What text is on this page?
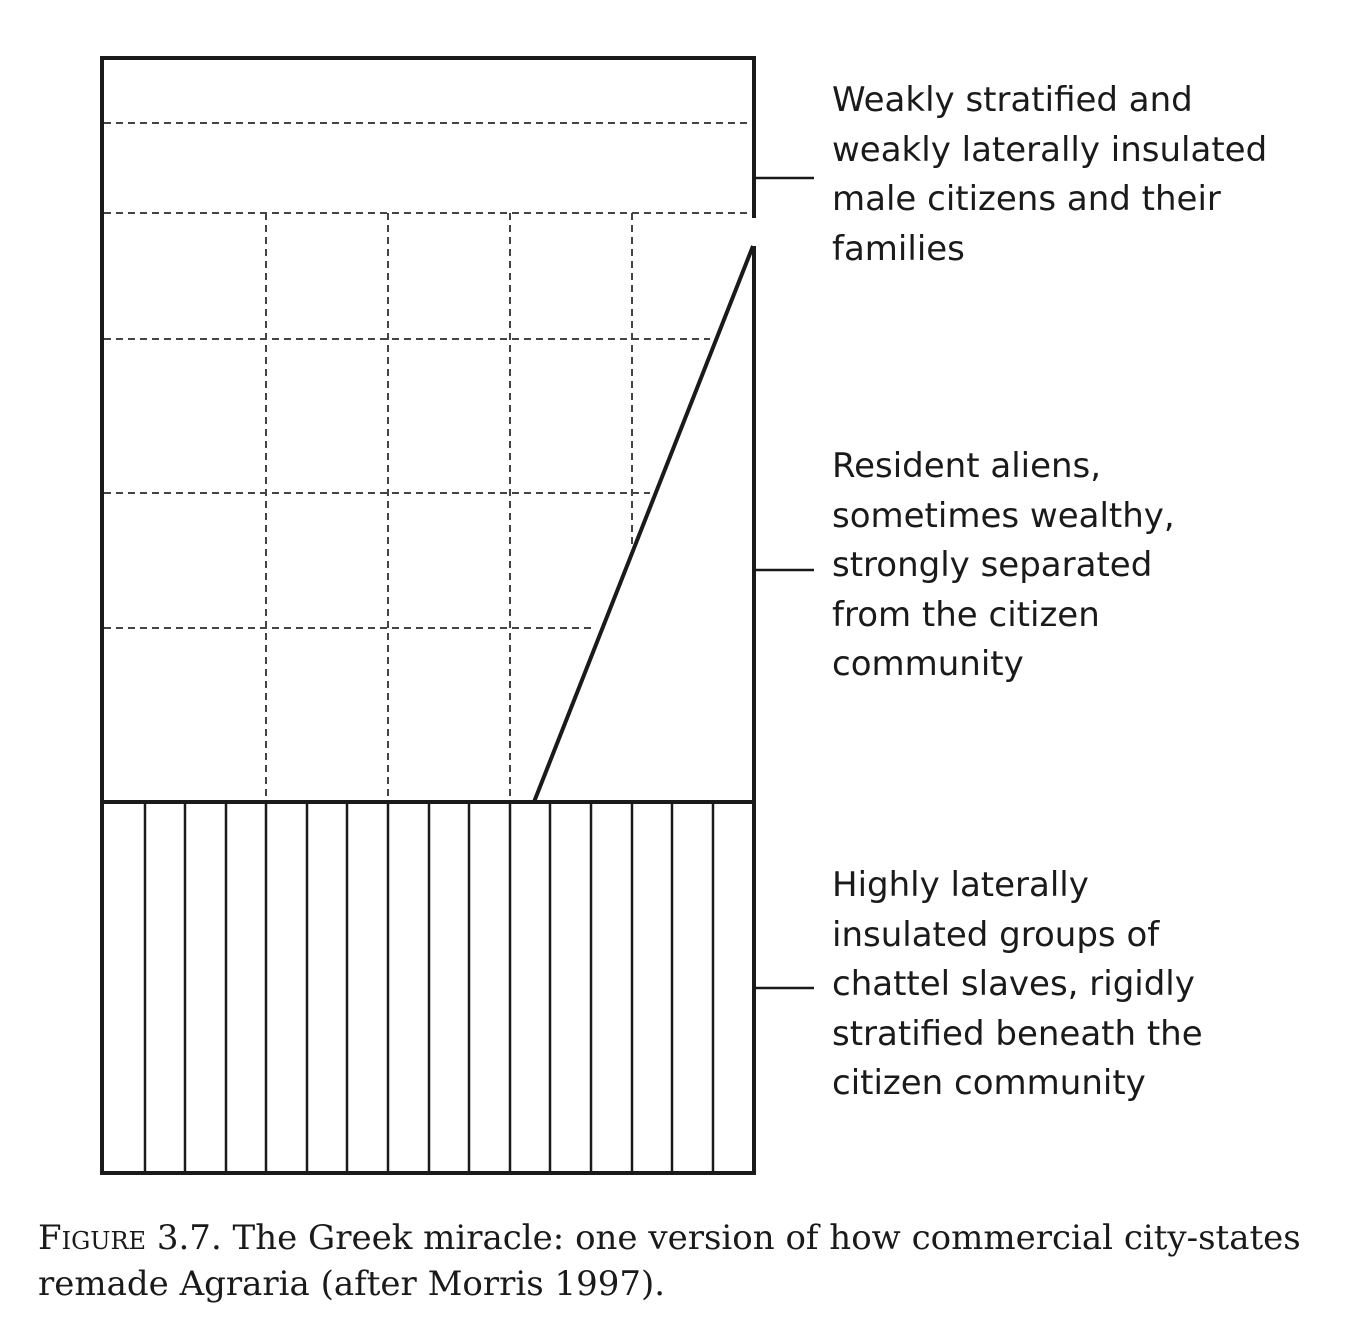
Weakly stratified and
weakly laterally insulated
male citizens and their
families

Resident aliens,
sometimes wealthy,
strongly separated
from the citizen
community

Highly laterally
insulated groups of
chattel slaves, rigidly
stratified beneath the
citizen community

Figure 3.7. The Greek miracle: one version of how commercial city-states remade Agraria (after Morris 1997).
